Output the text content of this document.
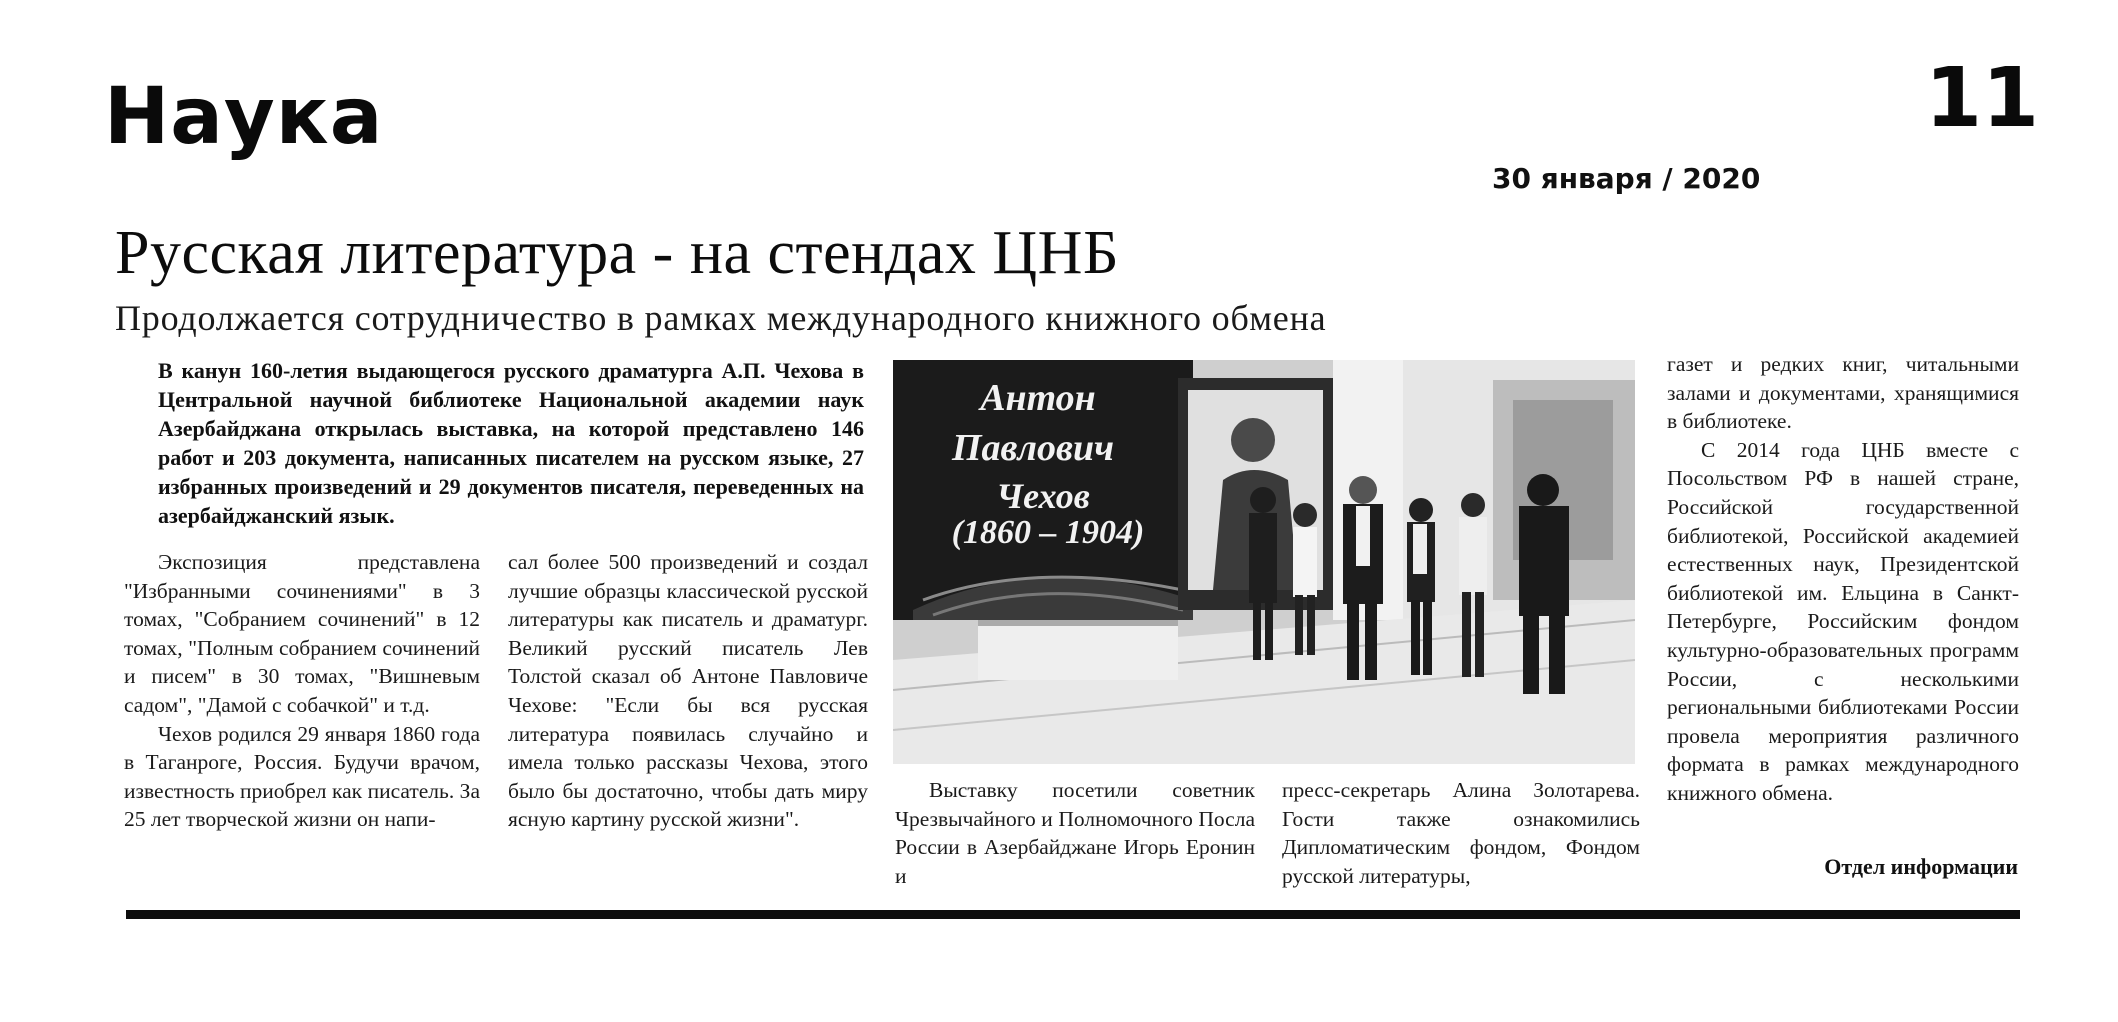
Наука	11
30 января / 2020
Русская литература - на стендах ЦНБ
Продолжается сотрудничество в рамках международного книжного обмена
В канун 160-летия выдающегося русского драматурга А.П. Чехова в Центральной научной библиотеке Национальной академии наук Азербайджана открылась выставка, на которой представлено 146 работ и 203 документа, написанных писателем на русском языке, 27 избранных произведений и 29 документов писателя, переведенных на азербайджанский язык.

Экспозиция представлена "Избранными сочинениями" в 3 томах, "Собранием сочинений" в 12 томах, "Полным собранием сочинений и писем" в 30 томах, "Вишневым садом", "Дамой с собачкой" и т.д.

Чехов родился 29 января 1860 года в Таганроге, Россия. Будучи врачом, известность приобрел как писатель. За 25 лет творческой жизни он напи-

сал более 500 произведений и создал лучшие образцы классической русской литературы как писатель и драматург. Великий русский писатель Лев Толстой сказал об Антоне Павловиче Чехове: "Если бы вся русская литература появилась случайно и имела только рассказы Чехова, этого было бы достаточно, чтобы дать миру ясную картину русской жизни".

Антон
Павлович
Чехов
(1860 – 1904)

Выставку посетили советник Чрезвычайного и Полномочного Посла России в Азербайджане Игорь Еронин и

пресс-секретарь Алина Золотарева. Гости также ознакомились Дипломатическим фондом, Фондом русской литературы,

газет и редких книг, читальными залами и документами, хранящимися в библиотеке.

С 2014 года ЦНБ вместе с Посольством РФ в нашей стране, Российской государственной библиотекой, Российской академией естественных наук, Президентской библиотекой им. Ельцина в Санкт-Петербурге, Российским фондом культурно-образовательных программ России, с несколькими региональными библиотеками России провела мероприятия различного формата в рамках международного книжного обмена.

Отдел информации
